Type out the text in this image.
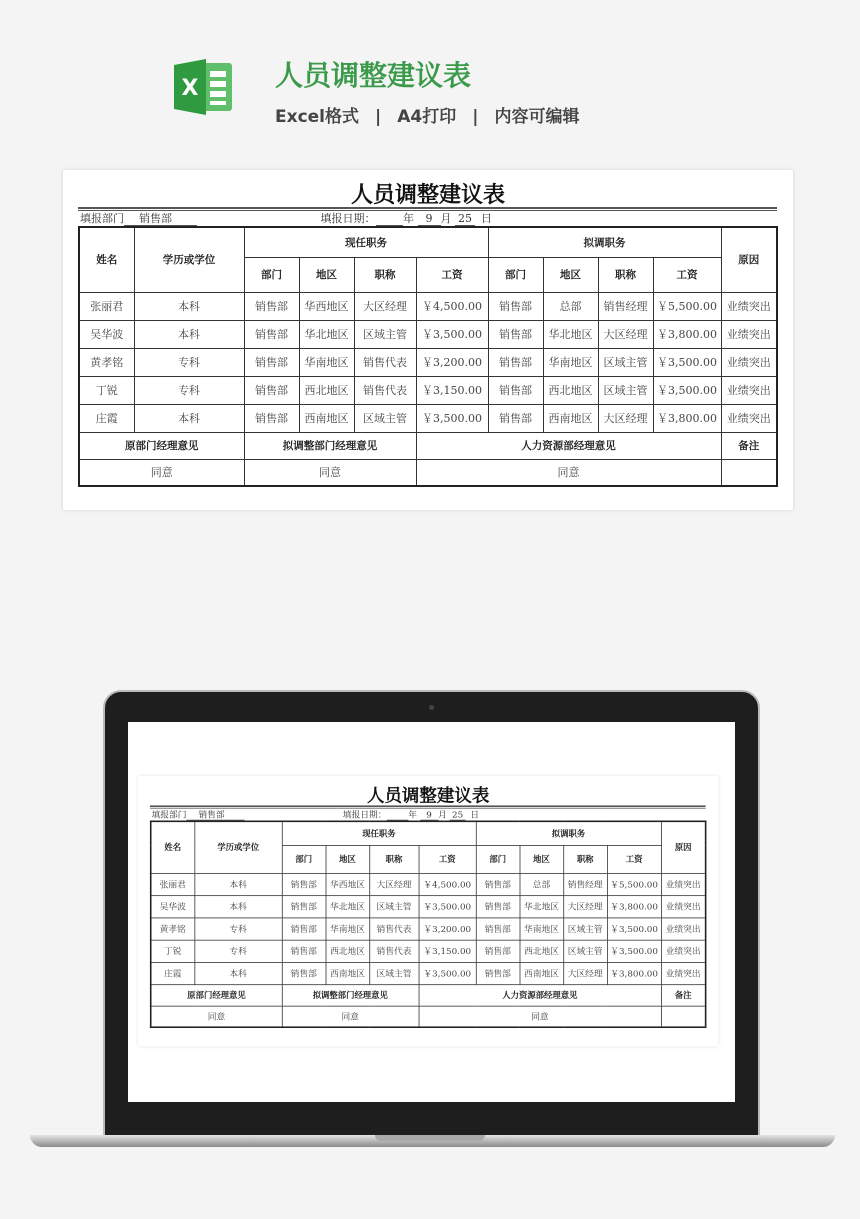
X	人员调整建议表
Excel格式 | A4打印 | 内容可编辑
人员调整建议表
填报部门 销售部	填报日期：	年 9 月 25 日
姓名	学历或学位	现任职务				拟调职务				原因
		部门	地区	职称	工资	部门	地区	职称	工资	
张丽君	本科	销售部	华西地区	大区经理	￥4,500.00	销售部	总部	销售经理	￥5,500.00	业绩突出
吴华波	本科	销售部	华北地区	区域主管	￥3,500.00	销售部	华北地区	大区经理	￥3,800.00	业绩突出
黄孝铭	专科	销售部	华南地区	销售代表	￥3,200.00	销售部	华南地区	区域主管	￥3,500.00	业绩突出
丁锐	专科	销售部	西北地区	销售代表	￥3,150.00	销售部	西北地区	区域主管	￥3,500.00	业绩突出
庄霞	本科	销售部	西南地区	区域主管	￥3,500.00	销售部	西南地区	大区经理	￥3,800.00	业绩突出
原部门经理意见		拟调整部门经理意见			人力资源部经理意见					备注
同意		同意			同意					
人员调整建议表
填报部门 销售部	填报日期： 年 9 月 25 日
姓名	学历或学位	现任职务				拟调职务				原因
		部门	地区	职称	工资	部门	地区	职称	工资	
张丽君	本科	销售部	华西地区	大区经理	￥4,500.00	销售部	总部	销售经理	￥5,500.00	业绩突出
吴华波	本科	销售部	华北地区	区域主管	￥3,500.00	销售部	华北地区	大区经理	￥3,800.00	业绩突出
黄孝铭	专科	销售部	华南地区	销售代表	￥3,200.00	销售部	华南地区	区域主管	￥3,500.00	业绩突出
丁锐	专科	销售部	西北地区	销售代表	￥3,150.00	销售部	西北地区	区域主管	￥3,500.00	业绩突出
庄霞	本科	销售部	西南地区	区域主管	￥3,500.00	销售部	西南地区	大区经理	￥3,800.00	业绩突出
原部门经理意见		拟调整部门经理意见			人力资源部经理意见					备注
同意		同意			同意					
